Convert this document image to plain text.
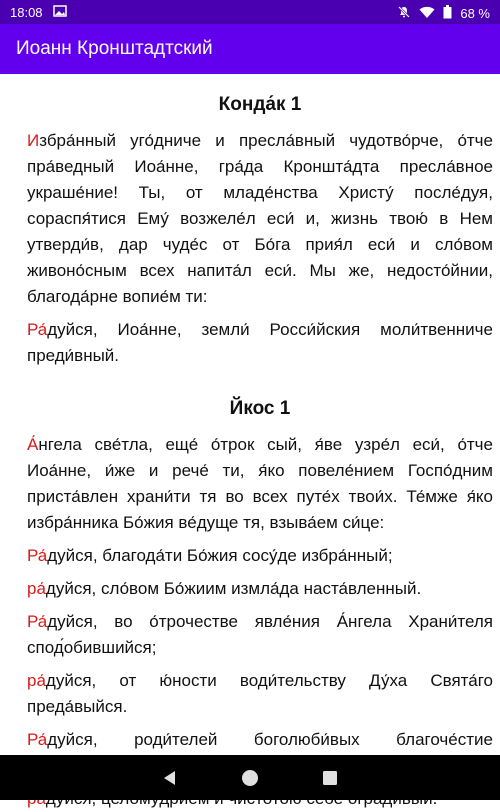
18:08	68 %
Иоанн Кронштадтский
Конда́к 1

Избра́нный уго́дниче и пресла́вный чудотво́рче, о́тче пра́ведный Иоа́нне, гра́да Кроншта́дта пресла́вное украше́ние! Ты, от младе́нства Христу́ после́дуя, сораспя́тися Ему́ возжеле́л еси́ и, жизнь твою́ в Нем утверди́в, дар чуде́с от Бо́га прия́л еси́ и сло́вом живоно́сным всех напита́л еси́. Мы же, недосто́йнии, благода́рне вопие́м ти:

Ра́дуйся, Иоа́нне, земли́ Росси́йския моли́твенниче преди́вный.

Йкос 1

А́нгела све́тла, еще́ о́трок сый, я́ве узре́л еси́, о́тче Иоа́нне, и́же и рече́ ти, я́ко повеле́нием Госпо́дним приста́влен храни́ти тя во всех путе́х твои́х. Те́мже я́ко избра́нника Бо́жия ве́дуще тя, взыва́ем си́це:

Ра́дуйся, благода́ти Бо́жия сосу́де избра́нный;

ра́дуйся, сло́вом Бо́жиим измла́да наста́вленный.

Ра́дуйся, во о́трочестве явле́ния А́нгела Храни́теля спод́обившийся;

ра́дуйся, от ю́ности води́тельству Ду́ха Свята́го преда́выйся.

Ра́дуйся, роди́телей боголюби́вых благоче́стие
